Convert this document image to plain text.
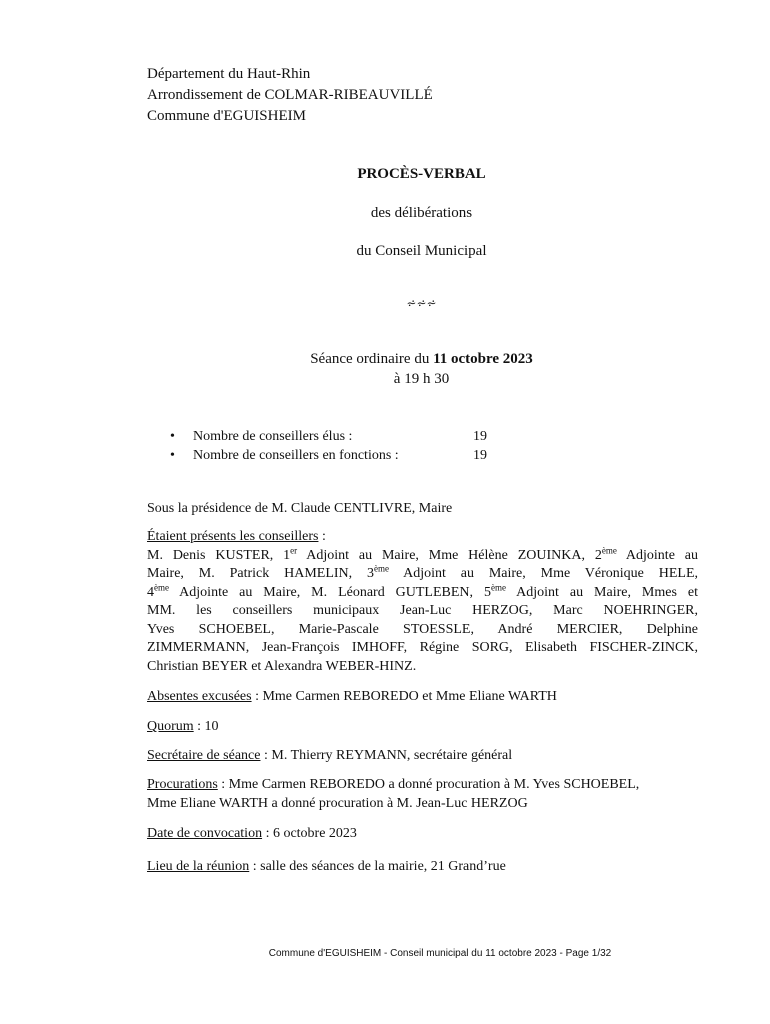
Département du Haut-Rhin
Arrondissement de COLMAR-RIBEAUVILLÉ
Commune d'EGUISHEIM
PROCÈS-VERBAL
des délibérations
du Conseil Municipal
⩫⩫⩫
Séance ordinaire du 11 octobre 2023
à 19 h 30
• Nombre de conseillers élus :	19
• Nombre de conseillers en fonctions :	19
Sous la présidence de M. Claude CENTLIVRE, Maire
Étaient présents les conseillers :
M. Denis KUSTER, 1er Adjoint au Maire, Mme Hélène ZOUINKA, 2ème Adjointe au
Maire, M. Patrick HAMELIN, 3ème Adjoint au Maire, Mme Véronique HELE,
4ème Adjointe au Maire, M. Léonard GUTLEBEN, 5ème Adjoint au Maire, Mmes et
MM. les conseillers municipaux Jean-Luc HERZOG, Marc NOEHRINGER,
Yves SCHOEBEL, Marie-Pascale STOESSLE, André MERCIER, Delphine
ZIMMERMANN, Jean-François IMHOFF, Régine SORG, Elisabeth FISCHER-ZINCK,
Christian BEYER et Alexandra WEBER-HINZ.
Absentes excusées : Mme Carmen REBOREDO et Mme Eliane WARTH
Quorum : 10
Secrétaire de séance : M. Thierry REYMANN, secrétaire général
Procurations : Mme Carmen REBOREDO a donné procuration à M. Yves SCHOEBEL,
Mme Eliane WARTH a donné procuration à M. Jean-Luc HERZOG
Date de convocation : 6 octobre 2023
Lieu de la réunion : salle des séances de la mairie, 21 Grand’rue
Commune d'EGUISHEIM - Conseil municipal du 11 octobre 2023 - Page 1/32
